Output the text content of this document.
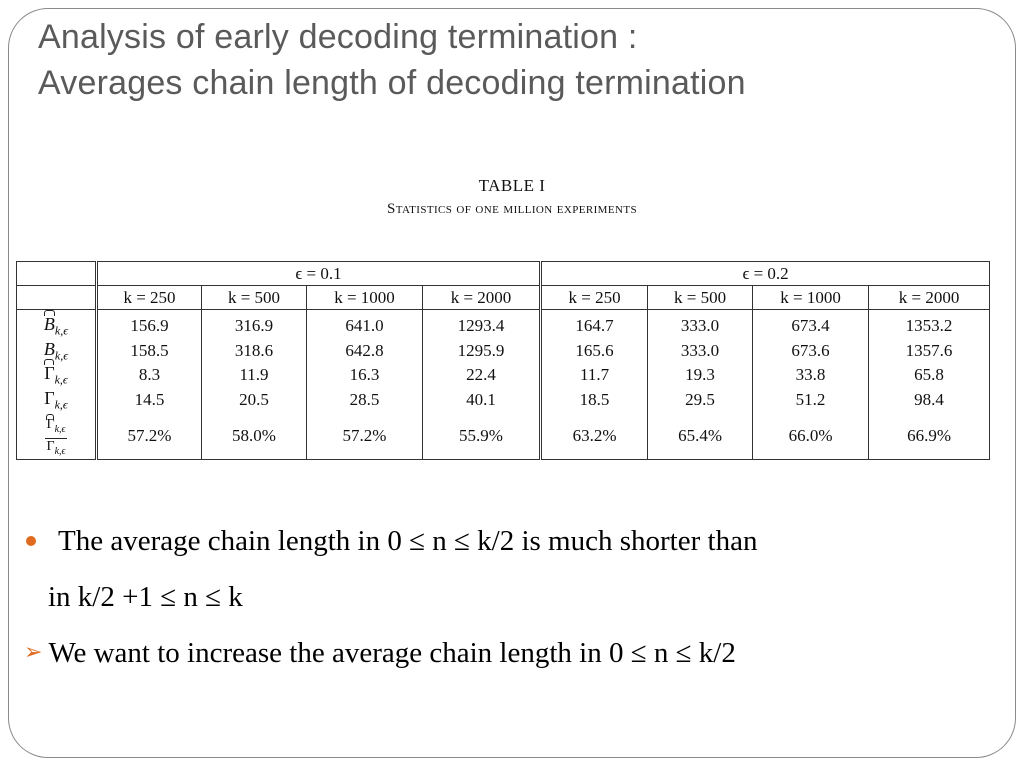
Analysis of early decoding termination :
Averages chain length of decoding termination
TABLE I
Statistics of one million experiments
	ϵ = 0.1				ϵ = 0.2			
	k = 250	k = 500	k = 1000	k = 2000	k = 250	k = 500	k = 1000	k = 2000
$B_{k,\epsilon}$	156.9	316.9	641.0	1293.4	164.7	333.0	673.4	1353.2
$B_{k,\epsilon}$	158.5	318.6	642.8	1295.9	165.6	333.0	673.6	1357.6
$\Gamma_{k,\epsilon}$	8.3	11.9	16.3	22.4	11.7	19.3	33.8	65.8
$\Gamma_{k,\epsilon}$	14.5	20.5	28.5	40.1	18.5	29.5	51.2	98.4

$\frac{\Gamma_{k,\epsilon}}{\Gamma_{k,\epsilon}}$	57.2%	58.0%	57.2%	55.9%	63.2%	65.4%	66.0%	66.9%
The average chain length in 0 ≤ n ≤ k/2 is much shorter than
in k/2 +1 ≤ n ≤ k
➢ We want to increase the average chain length in 0 ≤ n ≤ k/2
